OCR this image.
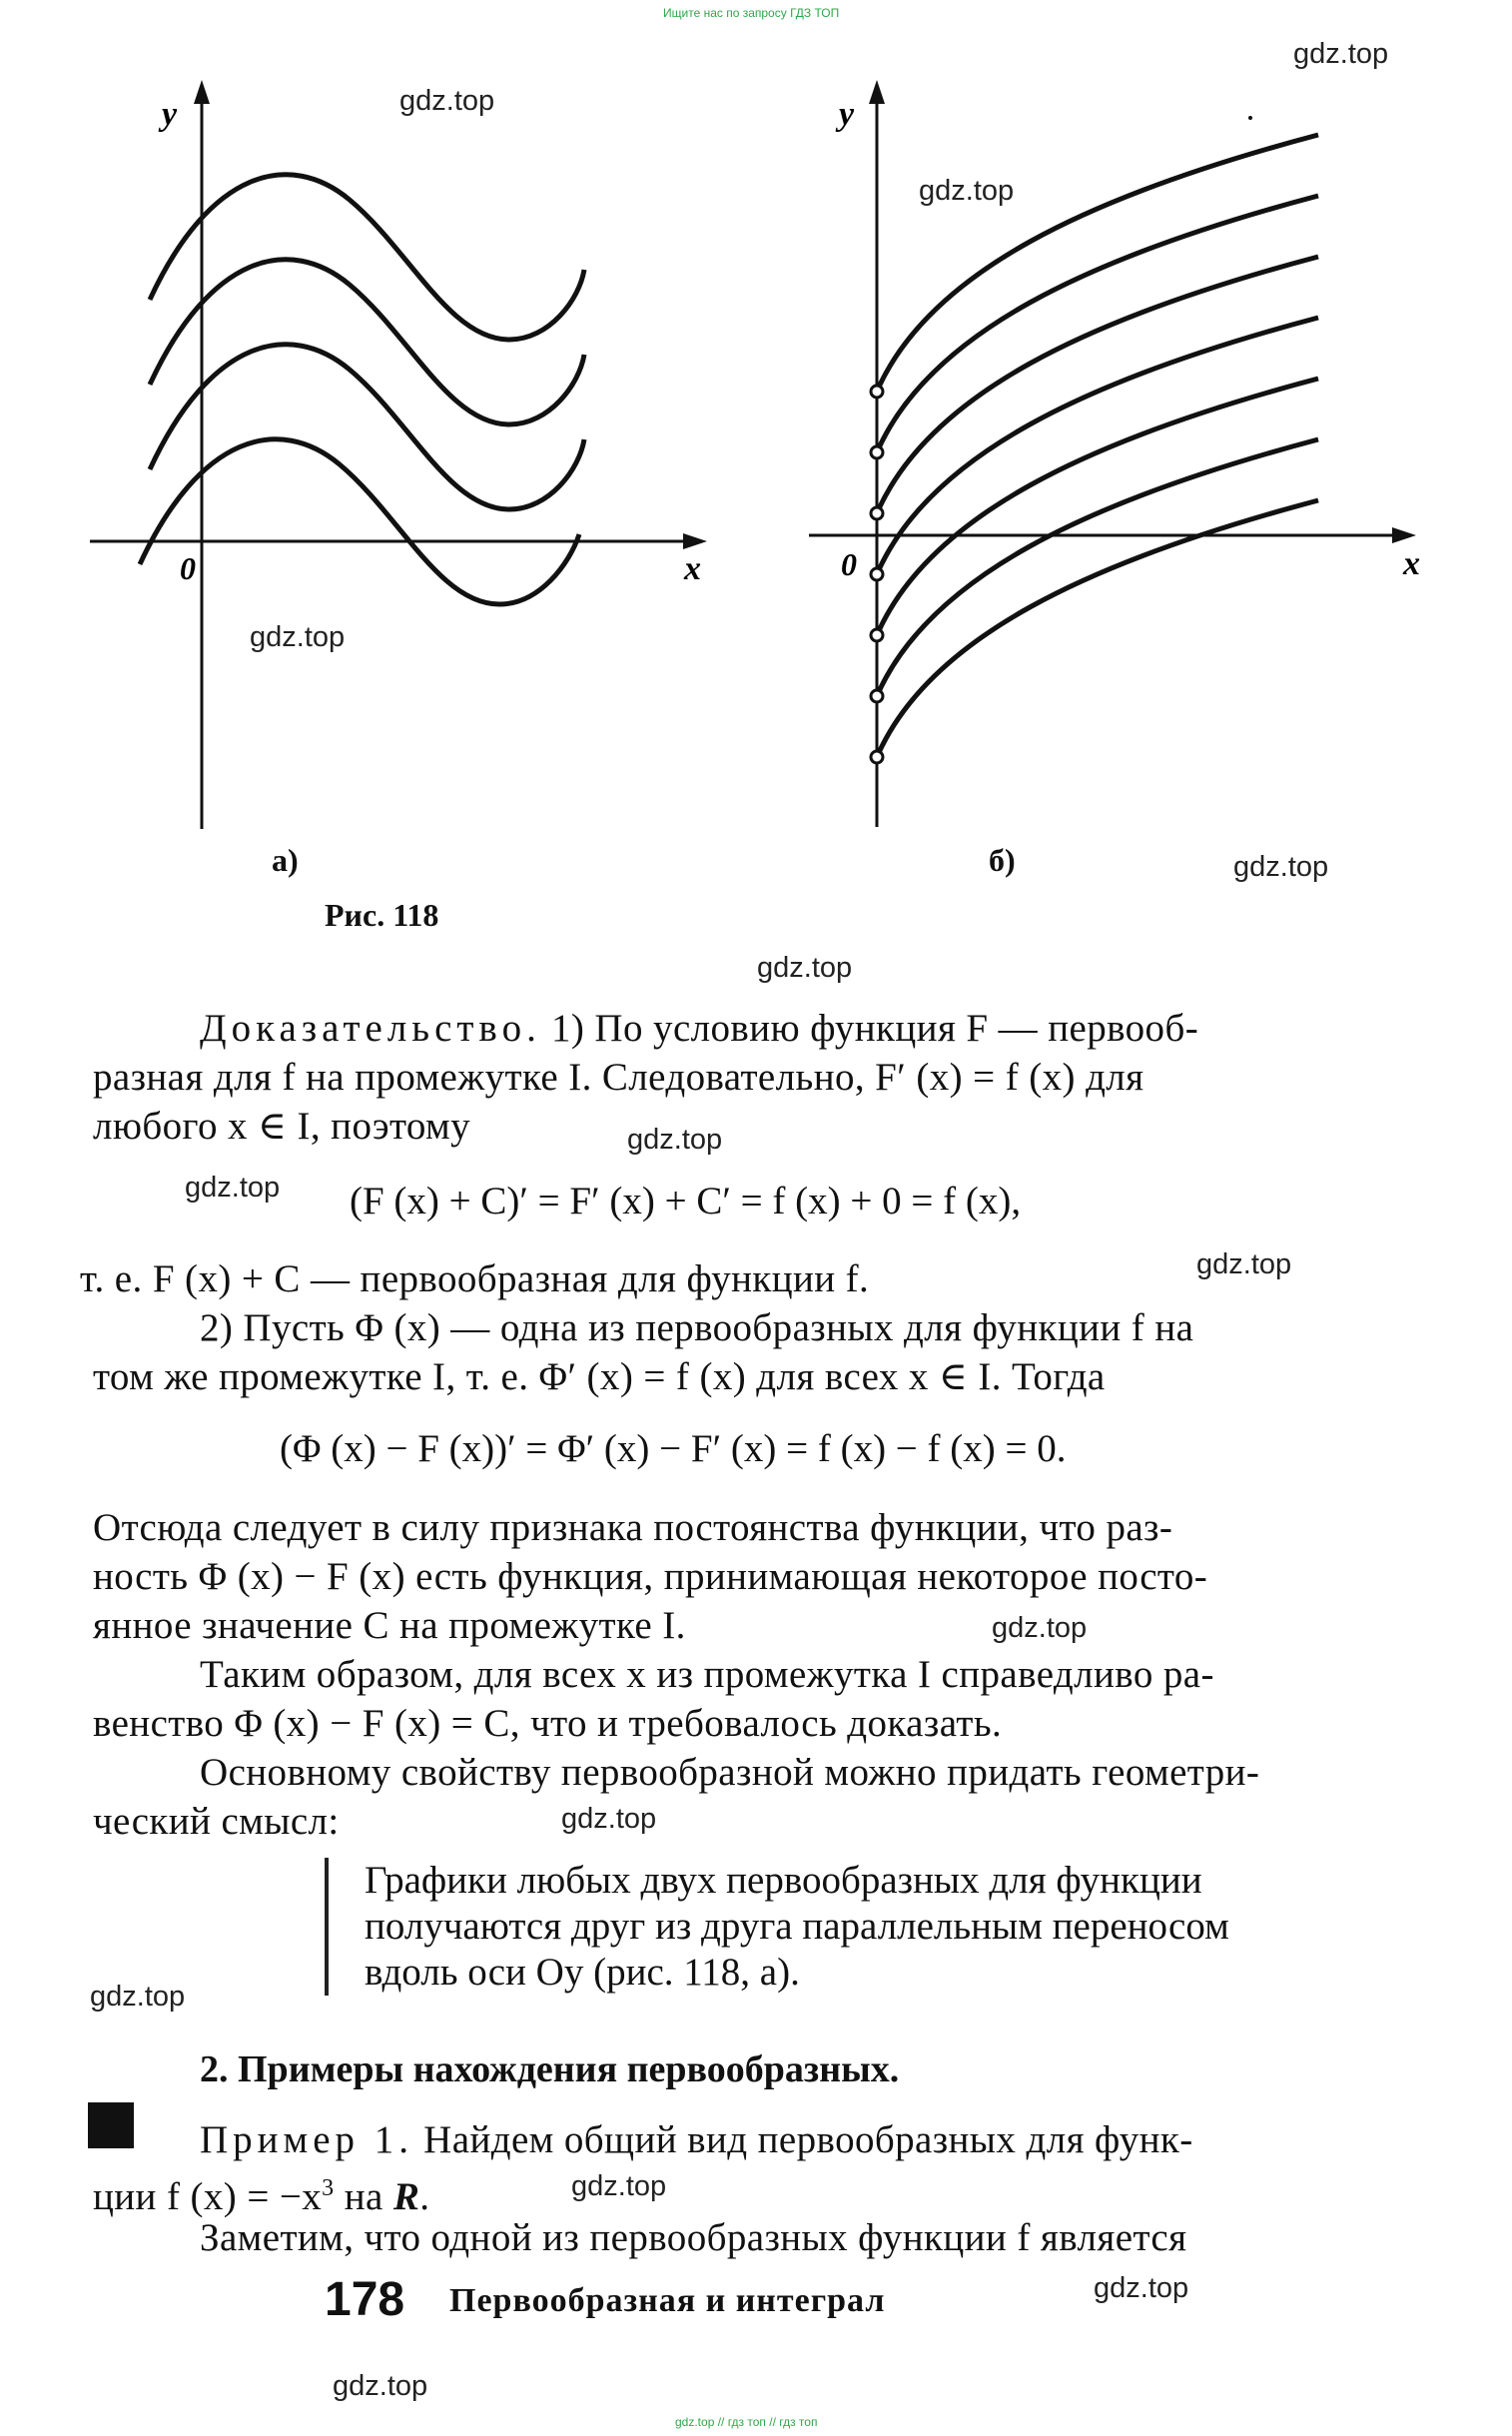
Ищите нас по запросу ГДЗ ТОП
y
x
0
y
x
0
а)	б)
Рис. 118
Доказательство. 1) По условию функция F — первооб-
разная для f на промежутке I. Следовательно, F′ (x) = f (x) для
любого x ∈ I, поэтому
(F (x) + C)′ = F′ (x) + C′ = f (x) + 0 = f (x),
т. е. F (x) + C — первообразная для функции f.
2) Пусть Φ (x) — одна из первообразных для функции f на
том же промежутке I, т. е. Φ′ (x) = f (x) для всех x ∈ I. Тогда
(Φ (x) − F (x))′ = Φ′ (x) − F′ (x) = f (x) − f (x) = 0.
Отсюда следует в силу признака постоянства функции, что раз-
ность Φ (x) − F (x) есть функция, принимающая некоторое посто-
янное значение C на промежутке I.
Таким образом, для всех x из промежутка I справедливо ра-
венство Φ (x) − F (x) = C, что и требовалось доказать.
Основному свойству первообразной можно придать геометри-
ческий смысл:
Графики любых двух первообразных для функции
получаются друг из друга параллельным переносом
вдоль оси Oy (рис. 118, а).
2. Примеры нахождения первообразных.
Пример 1. Найдем общий вид первообразных для функ-
ции f $(x) = -x^3$ на R.
Заметим, что одной из первообразных функции f является
178 Первообразная и интеграл
gdz.top // гдз топ // гдз топ
gdz.top
gdz.top
gdz.top
gdz.top
gdz.top
gdz.top
gdz.top
gdz.top
gdz.top
gdz.top
gdz.top
gdz.top
gdz.top
gdz.top
gdz.top
